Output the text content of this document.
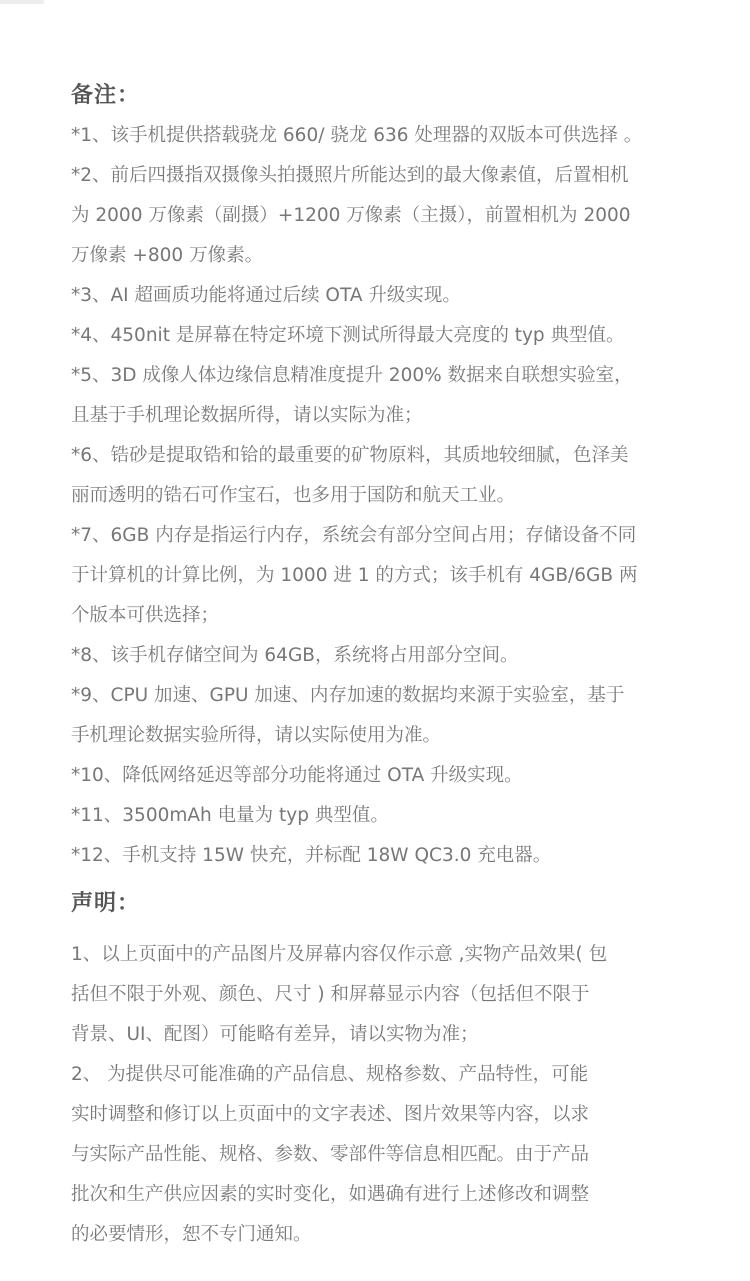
备注：
*1、该手机提供搭载骁龙 660/ 骁龙 636 处理器的双版本可供选择 。
*2、前后四摄指双摄像头拍摄照片所能达到的最大像素值，后置相机
为 2000 万像素（副摄）+1200 万像素（主摄），前置相机为 2000
万像素 +800 万像素。
*3、AI 超画质功能将通过后续 OTA 升级实现。
*4、450nit 是屏幕在特定环境下测试所得最大亮度的 typ 典型值。
*5、3D 成像人体边缘信息精准度提升 200% 数据来自联想实验室，
且基于手机理论数据所得，请以实际为准；
*6、锆砂是提取锆和铪的最重要的矿物原料，其质地较细腻，色泽美
丽而透明的锆石可作宝石，也多用于国防和航天工业。
*7、6GB 内存是指运行内存，系统会有部分空间占用；存储设备不同
于计算机的计算比例，为 1000 进 1 的方式；该手机有 4GB/6GB 两
个版本可供选择；
*8、该手机存储空间为 64GB，系统将占用部分空间。
*9、CPU 加速、GPU 加速、内存加速的数据均来源于实验室，基于
手机理论数据实验所得，请以实际使用为准。
*10、降低网络延迟等部分功能将通过 OTA 升级实现。
*11、3500mAh 电量为 typ 典型值。
*12、手机支持 15W 快充，并标配 18W QC3.0 充电器。
声明：
1、以上页面中的产品图片及屏幕内容仅作示意 ,实物产品效果( 包
括但不限于外观、颜色、尺寸 ) 和屏幕显示内容（包括但不限于
背景、UI、配图）可能略有差异，请以实物为准；
2、 为提供尽可能准确的产品信息、规格参数、产品特性，可能
实时调整和修订以上页面中的文字表述、图片效果等内容，以求
与实际产品性能、规格、参数、零部件等信息相匹配。由于产品
批次和生产供应因素的实时变化，如遇确有进行上述修改和调整
的必要情形，恕不专门通知。
